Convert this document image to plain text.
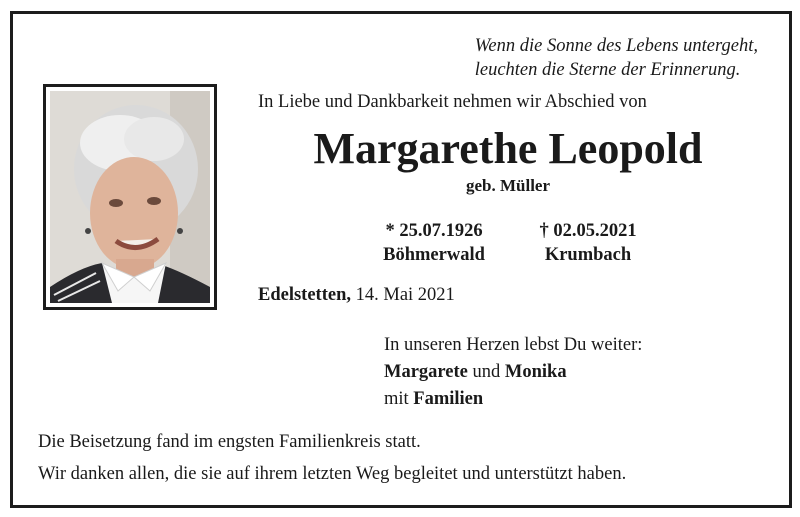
Wenn die Sonne des Lebens untergeht,
leuchten die Sterne der Erinnerung.
In Liebe und Dankbarkeit nehmen wir Abschied von
Margarethe Leopold
geb. Müller
* 25.07.1926
Böhmerwald
† 02.05.2021
Krumbach
Edelstetten, 14. Mai 2021
In unseren Herzen lebst Du weiter:
Margarete und Monika
mit Familien
Die Beisetzung fand im engsten Familienkreis statt.
Wir danken allen, die sie auf ihrem letzten Weg begleitet und unterstützt haben.
